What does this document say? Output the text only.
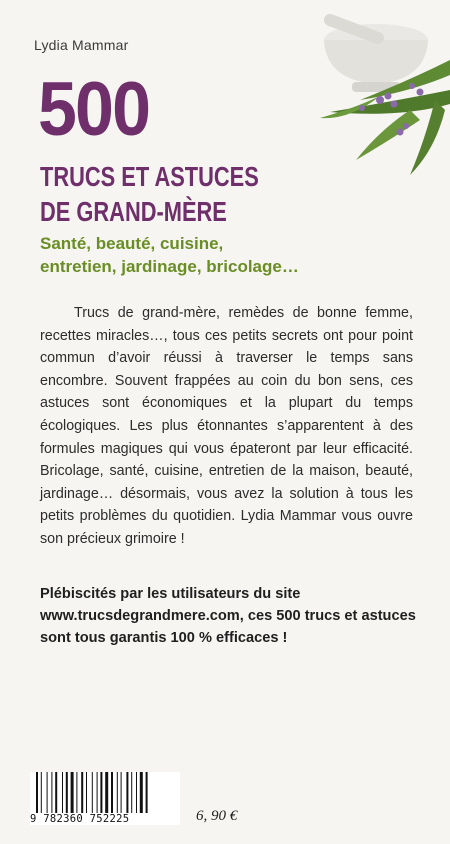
Lydia Mammar
500
TRUCS ET ASTUCES
DE GRAND-MÈRE
Santé, beauté, cuisine,
entretien, jardinage, bricolage…
Trucs de grand-mère, remèdes de bonne femme, recettes miracles…, tous ces petits secrets ont pour point commun d’avoir réussi à traverser le temps sans encombre. Souvent frappées au coin du bon sens, ces astuces sont économiques et la plupart du temps écologiques. Les plus étonnantes s’apparentent à des formules magiques qui vous épateront par leur efficacité. Bricolage, santé, cuisine, entretien de la maison, beauté, jardinage… désormais, vous avez la solution à tous les petits problèmes du quotidien. Lydia Mammar vous ouvre son précieux grimoire !
Plébiscités par les utilisateurs du site www.trucsdegrandmere.com, ces 500 trucs et astuces sont tous garantis 100 % efficaces !
9 782360 752225	6, 90 €
